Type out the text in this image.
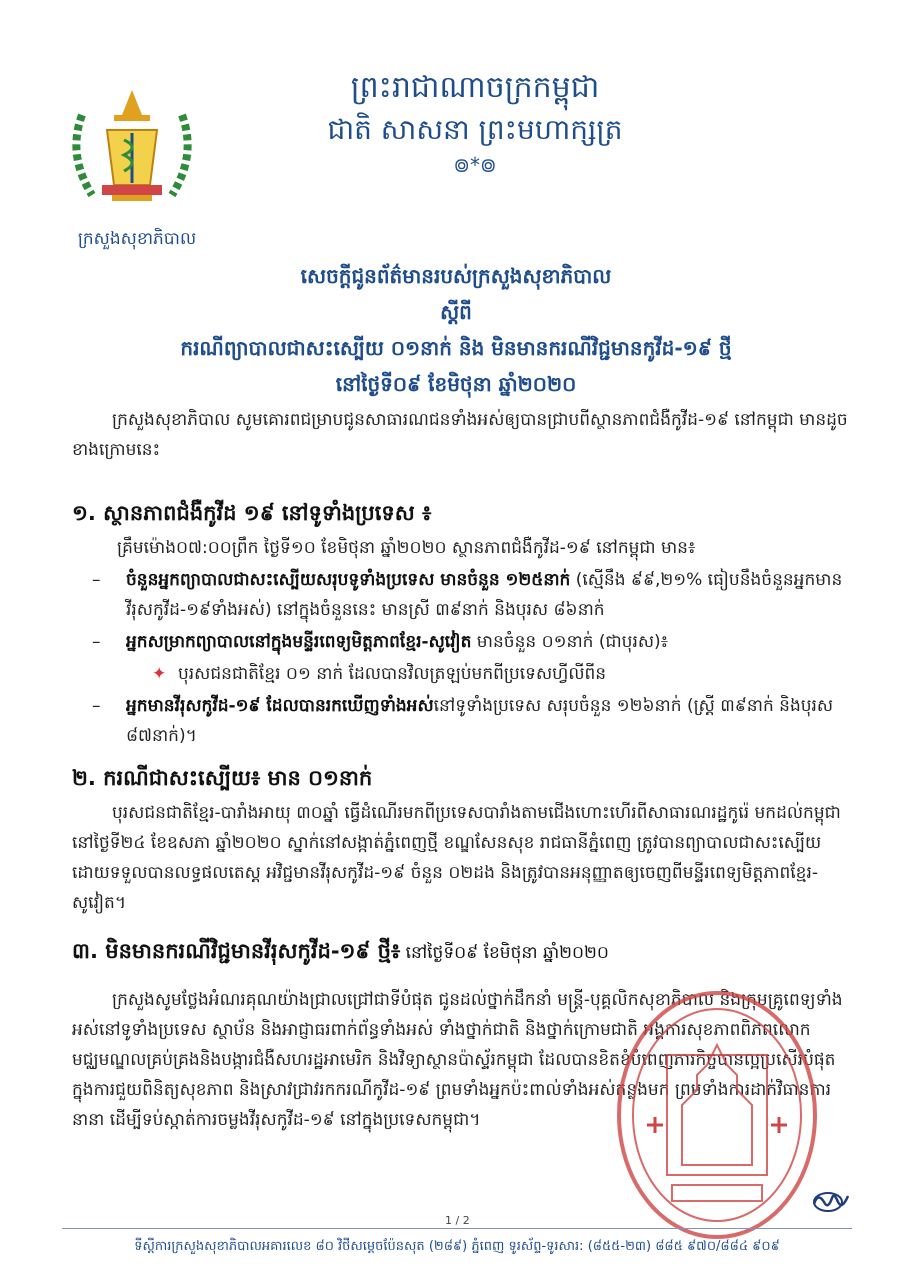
ក្រសួងសុខាភិបាល
ព្រះរាជាណាចក្រកម្ពុជា
ជាតិ សាសនា ព្រះមហាក្សត្រ
៙*៙
សេចក្តីជូនព័ត៌មានរបស់ក្រសួងសុខាភិបាល
ស្តីពី
ករណីព្យាបាលជាសះស្បើយ ០១នាក់ និង មិនមានករណីវិជ្ជមានកូវីដ-១៩ ថ្មី
នៅថ្ងៃទី០៩ ខែមិថុនា ឆ្នាំ២០២០
ក្រសួងសុខាភិបាល សូមគោរពជម្រាបជូនសាធារណជនទាំងអស់ឲ្យបានជ្រាបពីស្ថានភាពជំងឺកូវីដ-១៩ នៅកម្ពុជា មានដូចខាងក្រោមនេះ
១. ស្ថានភាពជំងឺកូវីដ ១៩ នៅទូទាំងប្រទេស ៖
គ្រឹមម៉ោង០៧:០០ព្រឹក ថ្ងៃទី១០ ខែមិថុនា ឆ្នាំ២០២០ ស្ថានភាពជំងឺកូវីដ-១៩ នៅកម្ពុជា មាន៖
–	ចំនួនអ្នកព្យាបាលជាសះស្បើយសរុបទូទាំងប្រទេស មានចំនួន ១២៥នាក់ (ស្មើនឹង ៩៩,២១% ធៀបនឹងចំនួនអ្នកមានវីរុសកូវីដ-១៩ទាំងអស់) នៅក្នុងចំនួននេះ មានស្រី ៣៩នាក់ និងបុរស ៨៦នាក់
–	អ្នកសម្រាកព្យាបាលនៅក្នុងមន្ទីរពេទ្យមិត្តភាពខ្មែរ-សូវៀត មានចំនួន ០១នាក់ (ជាបុរស)៖
✦ បុរសជនជាតិខ្មែរ ០១ នាក់ ដែលបានវិលត្រឡប់មកពីប្រទេសហ្វីលីពីន
–	អ្នកមានវីរុសកូវីដ-១៩ ដែលបានរកឃើញទាំងអស់នៅទូទាំងប្រទេស សរុបចំនួន ១២៦នាក់ (ស្ត្រី ៣៩នាក់ និងបុរស ៨៧នាក់)។
២. ករណីជាសះស្បើយ៖ មាន ០១នាក់
បុរសជនជាតិខ្មែរ-បារាំងអាយុ ៣០ឆ្នាំ ធ្វើដំណើរមកពីប្រទេសបារាំងតាមជើងហោះហើរពីសាធារណរដ្ឋកូរ៉េ មកដល់កម្ពុជានៅថ្ងៃទី២៤ ខែឧសភា ឆ្នាំ២០២០ ស្នាក់នៅសង្កាត់ភ្នំពេញថ្មី ខណ្ឌសែនសុខ រាជធានីភ្នំពេញ ត្រូវបានព្យាបាលជាសះស្បើយ ដោយទទួលបានលទ្ធផលតេស្ត អវិជ្ជមានវីរុសកូវីដ-១៩ ចំនួន ០២ដង និងត្រូវបានអនុញ្ញាតឲ្យចេញពីមន្ទីរពេទ្យមិត្តភាពខ្មែរ-សូវៀត។
៣. មិនមានករណីវិជ្ជមានវីរុសកូវីដ-១៩ ថ្មី៖ នៅថ្ងៃទី០៩ ខែមិថុនា ឆ្នាំ២០២០
ក្រសួងសូមថ្លែងអំណរគុណយ៉ាងជ្រាលជ្រៅជាទីបំផុត ជូនដល់ថ្នាក់ដឹកនាំ មន្ត្រី-បុគ្គលិកសុខាភិបាល និងក្រុមគ្រូពេទ្យទាំងអស់នៅទូទាំងប្រទេស ស្ថាប័ន និងអាជ្ញាធរពាក់ព័ន្ធទាំងអស់ ទាំងថ្នាក់ជាតិ និងថ្នាក់ក្រោមជាតិ អង្គការសុខភាពពិភពលោក មជ្ឈមណ្ឌលគ្រប់គ្រងនិងបង្ការជំងឺសហរដ្ឋអាមេរិក និងវិទ្យាស្ថានប៉ាស្ទ័រកម្ពុជា ដែលបានខិតខំបំពេញភារកិច្ចបានល្អប្រសើរបំផុត ក្នុងការជួយពិនិត្យសុខភាព និងស្រាវជ្រាវរកករណីកូវីដ-១៩ ព្រមទាំងអ្នកប៉ះពាល់ទាំងអស់កន្លងមក ព្រមទាំងការដាក់វិធានការនានា ដើម្បីទប់ស្កាត់ការចម្លងវីរុសកូវីដ-១៩ នៅក្នុងប្រទេសកម្ពុជា។
1 / 2
ទីស្តីការក្រសួងសុខាភិបាលអគារលេខ ៨០ វិថីសម្តេចប៉ែនសុត (២៨៩) ភ្នំពេញ ទូរស័ព្ទ-ទូរសារ: (៨៥៥-២៣) ៨៨៥ ៩៧០/៨៨៤ ៩០៩
